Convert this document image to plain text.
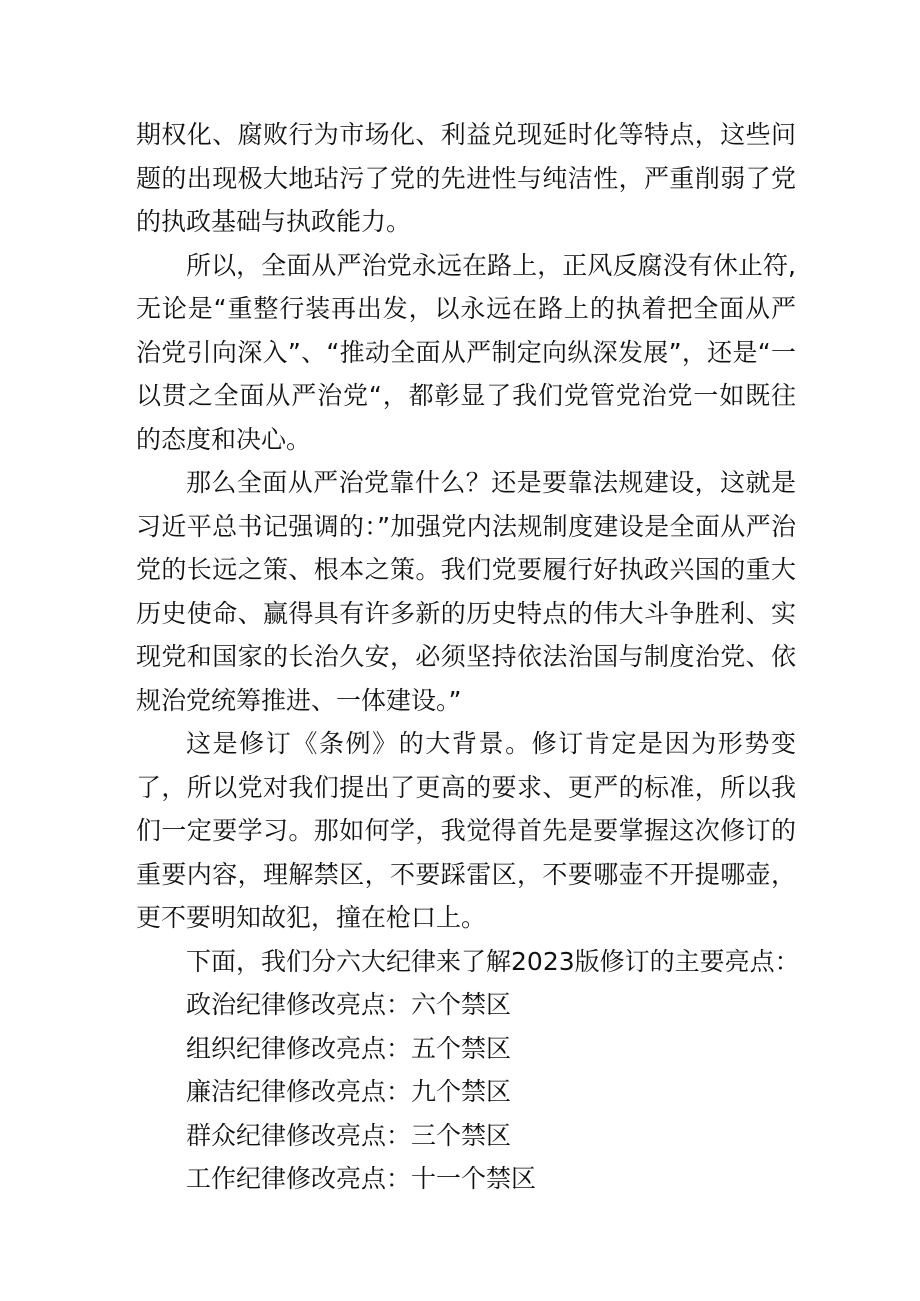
期权化、腐败行为市场化、利益兑现延时化等特点，这些问题的出现极大地玷污了党的先进性与纯洁性，严重削弱了党的执政基础与执政能力。

所以，全面从严治党永远在路上，正风反腐没有休止符,无论是“重整行装再出发，以永远在路上的执着把全面从严治党引向深入”、“推动全面从严制定向纵深发展”，还是“一以贯之全面从严治党“，都彰显了我们党管党治党一如既往的态度和决心。

那么全面从严治党靠什么？还是要靠法规建设，这就是习近平总书记强调的：”加强党内法规制度建设是全面从严治党的长远之策、根本之策。我们党要履行好执政兴国的重大历史使命、赢得具有许多新的历史特点的伟大斗争胜利、实现党和国家的长治久安，必须坚持依法治国与制度治党、依规治党统筹推进、一体建设。”

这是修订《条例》的大背景。修订肯定是因为形势变了，所以党对我们提出了更高的要求、更严的标准，所以我们一定要学习。那如何学，我觉得首先是要掌握这次修订的重要内容，理解禁区，不要踩雷区，不要哪壶不开提哪壶，更不要明知故犯，撞在枪口上。

下面，我们分六大纪律来了解2023版修订的主要亮点：

政治纪律修改亮点：六个禁区

组织纪律修改亮点：五个禁区

廉洁纪律修改亮点：九个禁区

群众纪律修改亮点：三个禁区

工作纪律修改亮点：十一个禁区
